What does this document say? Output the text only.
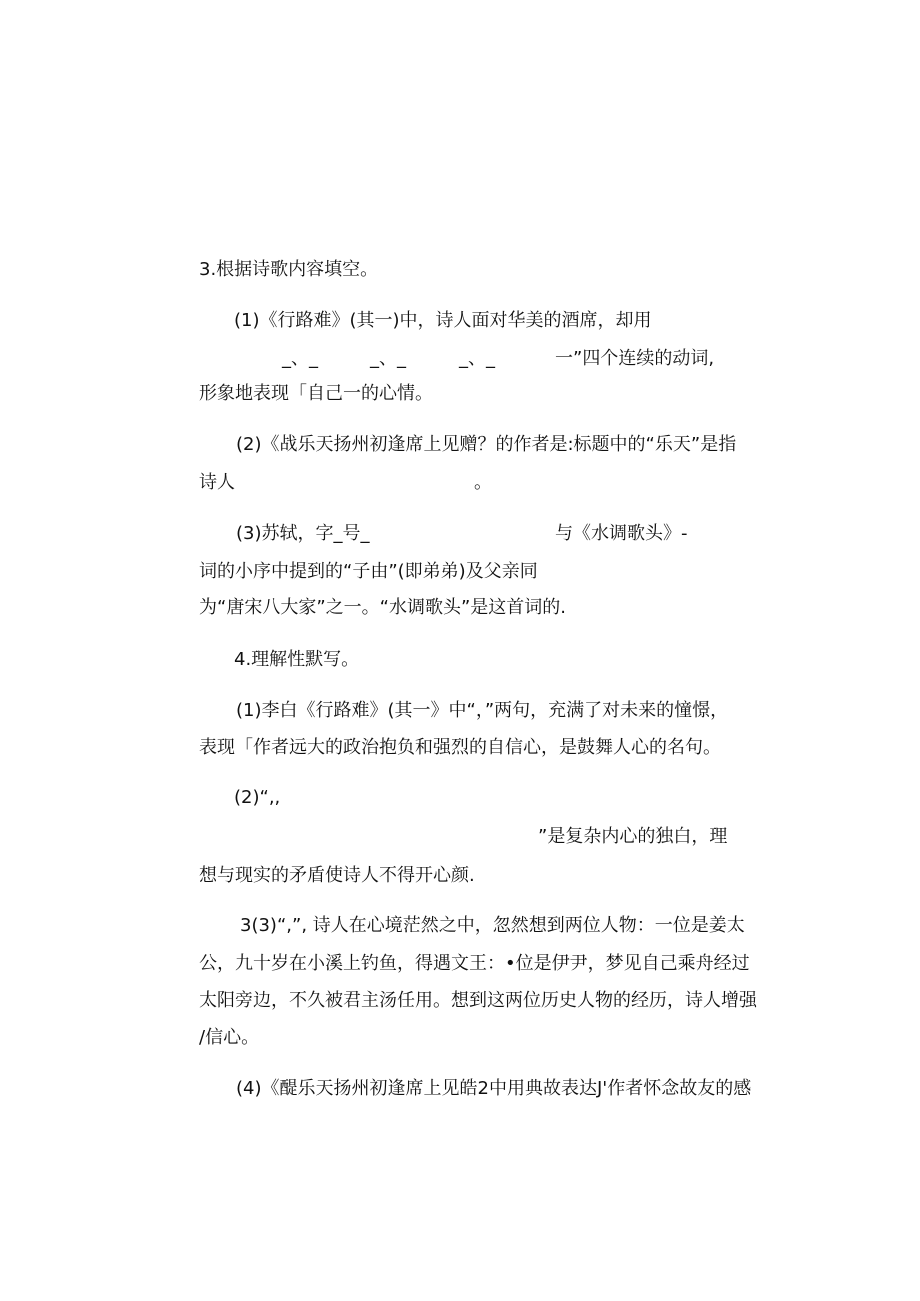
3.根据诗歌内容填空。
(1)《行路难》(其一)中，诗人面对华美的酒席，却用
_、_	_、_	_、_	一”四个连续的动词,
形象地表现「自己一的心情。
(2)《战乐天扬州初逢席上见赠？的作者是:标题中的“乐天”是指
诗人	。
(3)苏轼，字_号_	与《水调歌头》-
词的小序中提到的“子由”(即弟弟)及父亲同
为“唐宋八大家”之一。“水调歌头”是这首词的.
4.理解性默写。
(1)李白《行路难》(其一》中“，”两句，充满了对未来的憧憬，
表现「作者远大的政治抱负和强烈的自信心，是鼓舞人心的名句。
(2)“,,
”是复杂内心的独白，理
想与现实的矛盾使诗人不得开心颜.
3(3)“,”, 诗人在心境茫然之中，忽然想到两位人物：一位是姜太
公，九十岁在小溪上钓鱼，得遇文王：•位是伊尹，梦见自己乘舟经过
太阳旁边，不久被君主汤任用。想到这两位历史人物的经历，诗人增强
/信心。
(4)《醍乐天扬州初逢席上见皓2中用典故表达J'作者怀念故友的感
